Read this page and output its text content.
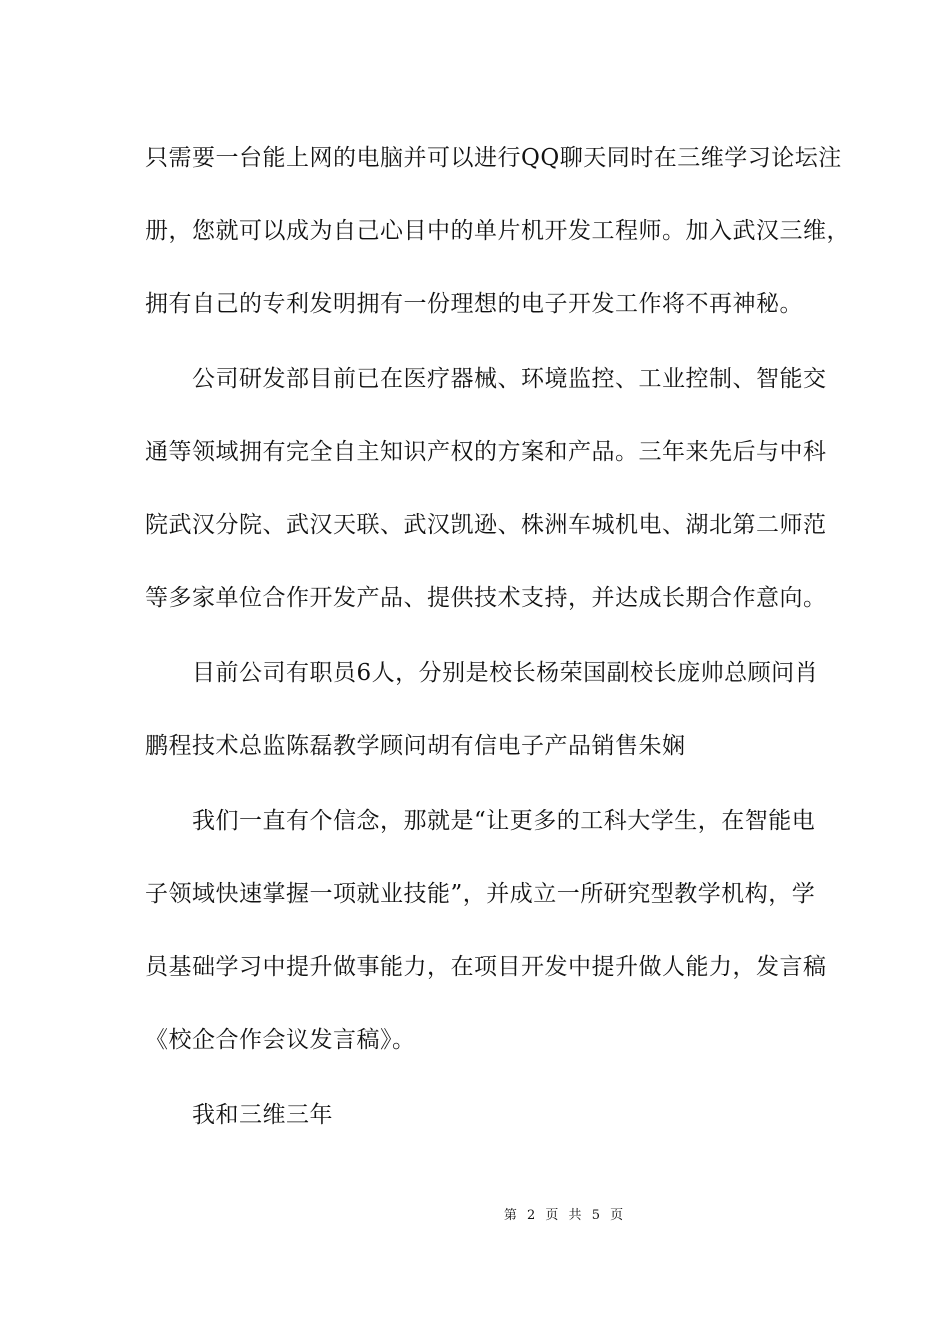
只需要一台能上网的电脑并可以进行QQ聊天同时在三维学习论坛注
册，您就可以成为自己心目中的单片机开发工程师。加入武汉三维，
拥有自己的专利发明拥有一份理想的电子开发工作将不再神秘。
公司研发部目前已在医疗器械、环境监控、工业控制、智能交
通等领域拥有完全自主知识产权的方案和产品。三年来先后与中科
院武汉分院、武汉天联、武汉凯逊、株洲车城机电、湖北第二师范
等多家单位合作开发产品、提供技术支持，并达成长期合作意向。
目前公司有职员6人，分别是校长杨荣国副校长庞帅总顾问肖
鹏程技术总监陈磊教学顾问胡有信电子产品销售朱娴
我们一直有个信念，那就是“让更多的工科大学生，在智能电
子领域快速掌握一项就业技能”，并成立一所研究型教学机构，学
员基础学习中提升做事能力，在项目开发中提升做人能力，发言稿
《校企合作会议发言稿》。
我和三维三年
第 2 页 共 5 页
